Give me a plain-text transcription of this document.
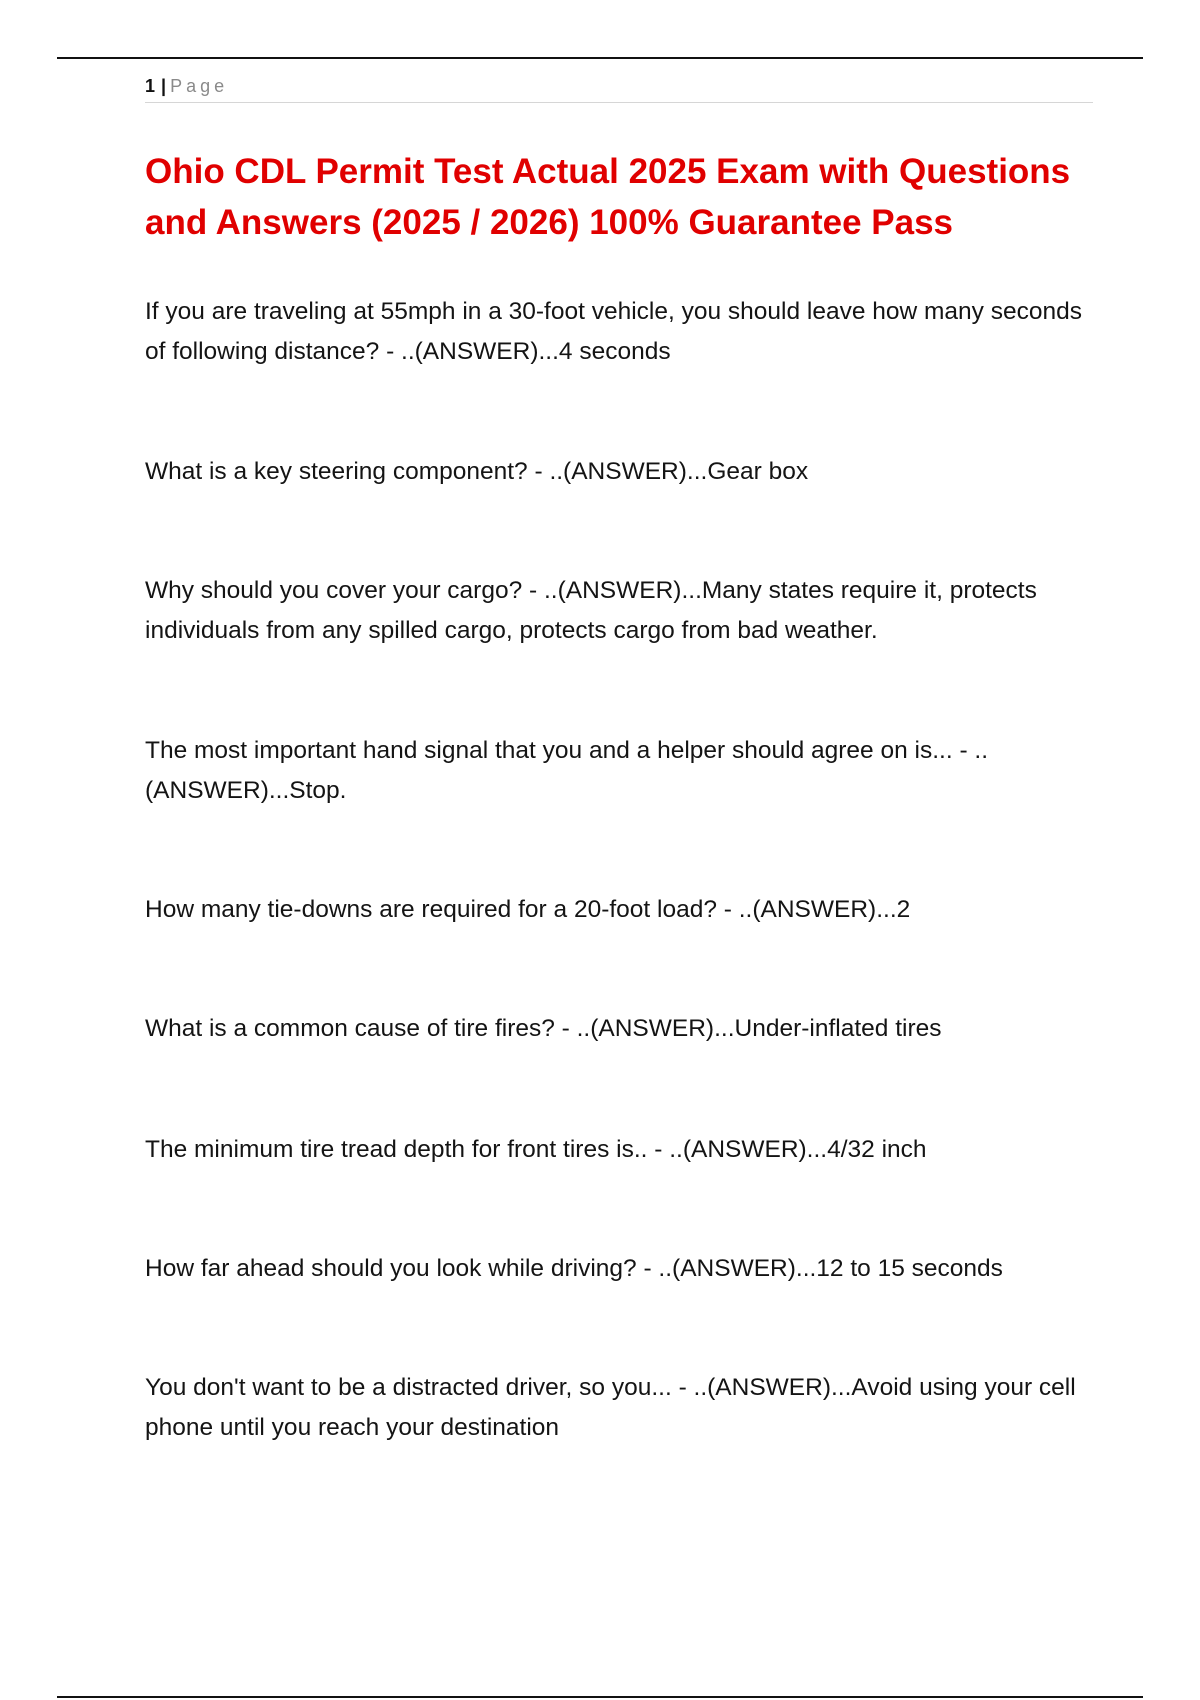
1 | Page
Ohio CDL Permit Test Actual 2025 Exam with Questions and Answers (2025 / 2026) 100% Guarantee Pass

If you are traveling at 55mph in a 30-foot vehicle, you should leave how many seconds of following distance? - ..(ANSWER)...4 seconds

What is a key steering component? - ..(ANSWER)...Gear box

Why should you cover your cargo? - ..(ANSWER)...Many states require it, protects individuals from any spilled cargo, protects cargo from bad weather.

The most important hand signal that you and a helper should agree on is... - ..(ANSWER)...Stop.

How many tie-downs are required for a 20-foot load? - ..(ANSWER)...2

What is a common cause of tire fires? - ..(ANSWER)...Under-inflated tires

The minimum tire tread depth for front tires is.. - ..(ANSWER)...4/32 inch

How far ahead should you look while driving? - ..(ANSWER)...12 to 15 seconds

You don't want to be a distracted driver, so you... - ..(ANSWER)...Avoid using your cell phone until you reach your destination
